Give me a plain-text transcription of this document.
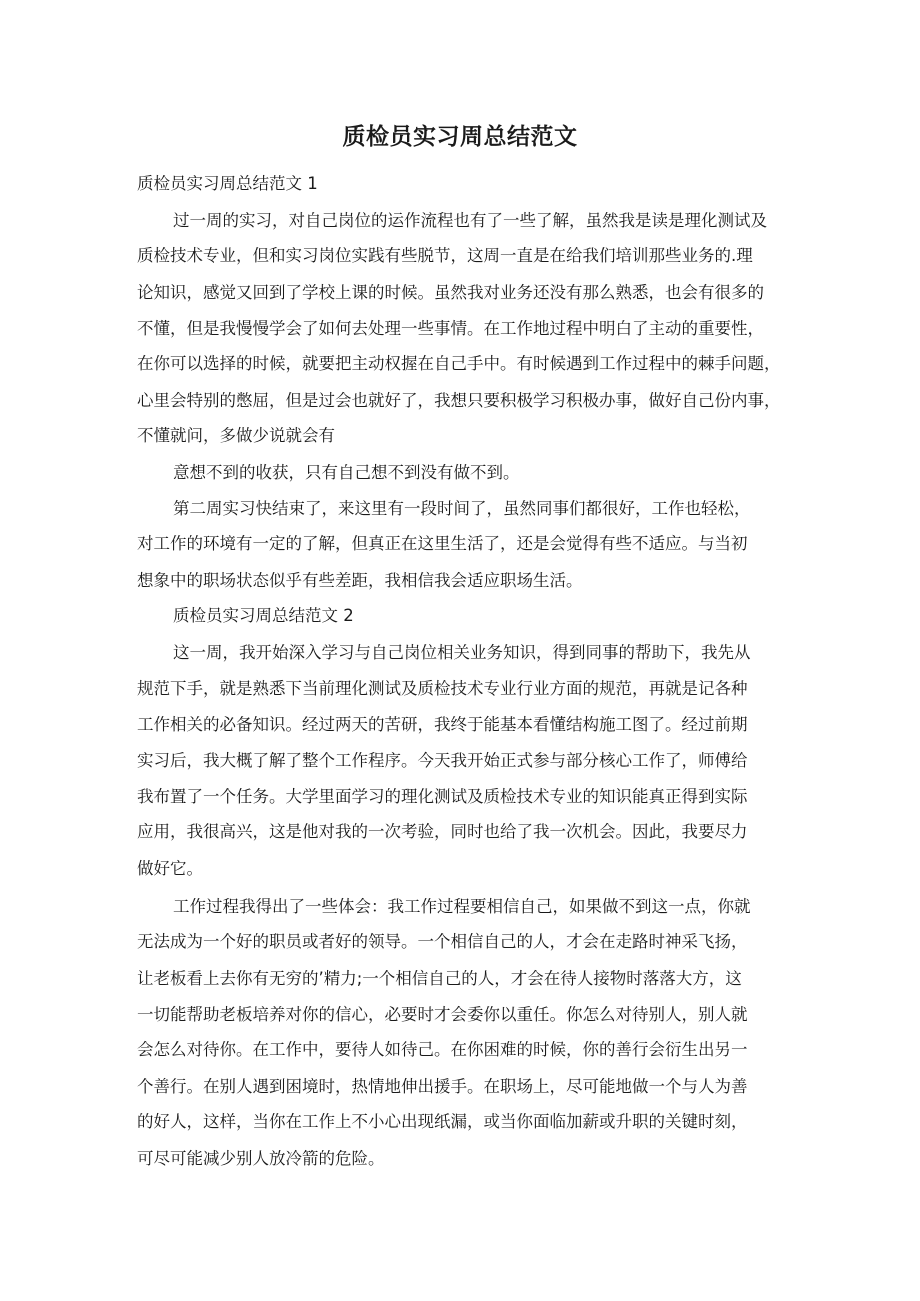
质检员实习周总结范文

质检员实习周总结范文 1

过一周的实习，对自己岗位的运作流程也有了一些了解，虽然我是读是理化测试及

质检技术专业，但和实习岗位实践有些脱节，这周一直是在给我们培训那些业务的.理

论知识，感觉又回到了学校上课的时候。虽然我对业务还没有那么熟悉，也会有很多的

不懂，但是我慢慢学会了如何去处理一些事情。在工作地过程中明白了主动的重要性，

在你可以选择的时候，就要把主动权握在自己手中。有时候遇到工作过程中的棘手问题，

心里会特别的憋屈，但是过会也就好了，我想只要积极学习积极办事，做好自己份内事，

不懂就问，多做少说就会有

意想不到的收获，只有自己想不到没有做不到。

第二周实习快结束了，来这里有一段时间了，虽然同事们都很好，工作也轻松，

对工作的环境有一定的了解，但真正在这里生活了，还是会觉得有些不适应。与当初

想象中的职场状态似乎有些差距，我相信我会适应职场生活。

质检员实习周总结范文 2

这一周，我开始深入学习与自己岗位相关业务知识，得到同事的帮助下，我先从

规范下手，就是熟悉下当前理化测试及质检技术专业行业方面的规范，再就是记各种

工作相关的必备知识。经过两天的苦研，我终于能基本看懂结构施工图了。经过前期

实习后，我大概了解了整个工作程序。今天我开始正式参与部分核心工作了，师傅给

我布置了一个任务。大学里面学习的理化测试及质检技术专业的知识能真正得到实际

应用，我很高兴，这是他对我的一次考验，同时也给了我一次机会。因此，我要尽力

做好它。

工作过程我得出了一些体会：我工作过程要相信自己，如果做不到这一点，你就

无法成为一个好的职员或者好的领导。一个相信自己的人，才会在走路时神采飞扬，

让老板看上去你有无穷的’精力;一个相信自己的人，才会在待人接物时落落大方，这

一切能帮助老板培养对你的信心，必要时才会委你以重任。你怎么对待别人，别人就

会怎么对待你。在工作中，要待人如待己。在你困难的时候，你的善行会衍生出另一

个善行。在别人遇到困境时，热情地伸出援手。在职场上，尽可能地做一个与人为善

的好人，这样，当你在工作上不小心出现纸漏，或当你面临加薪或升职的关键时刻，

可尽可能减少别人放冷箭的危险。
